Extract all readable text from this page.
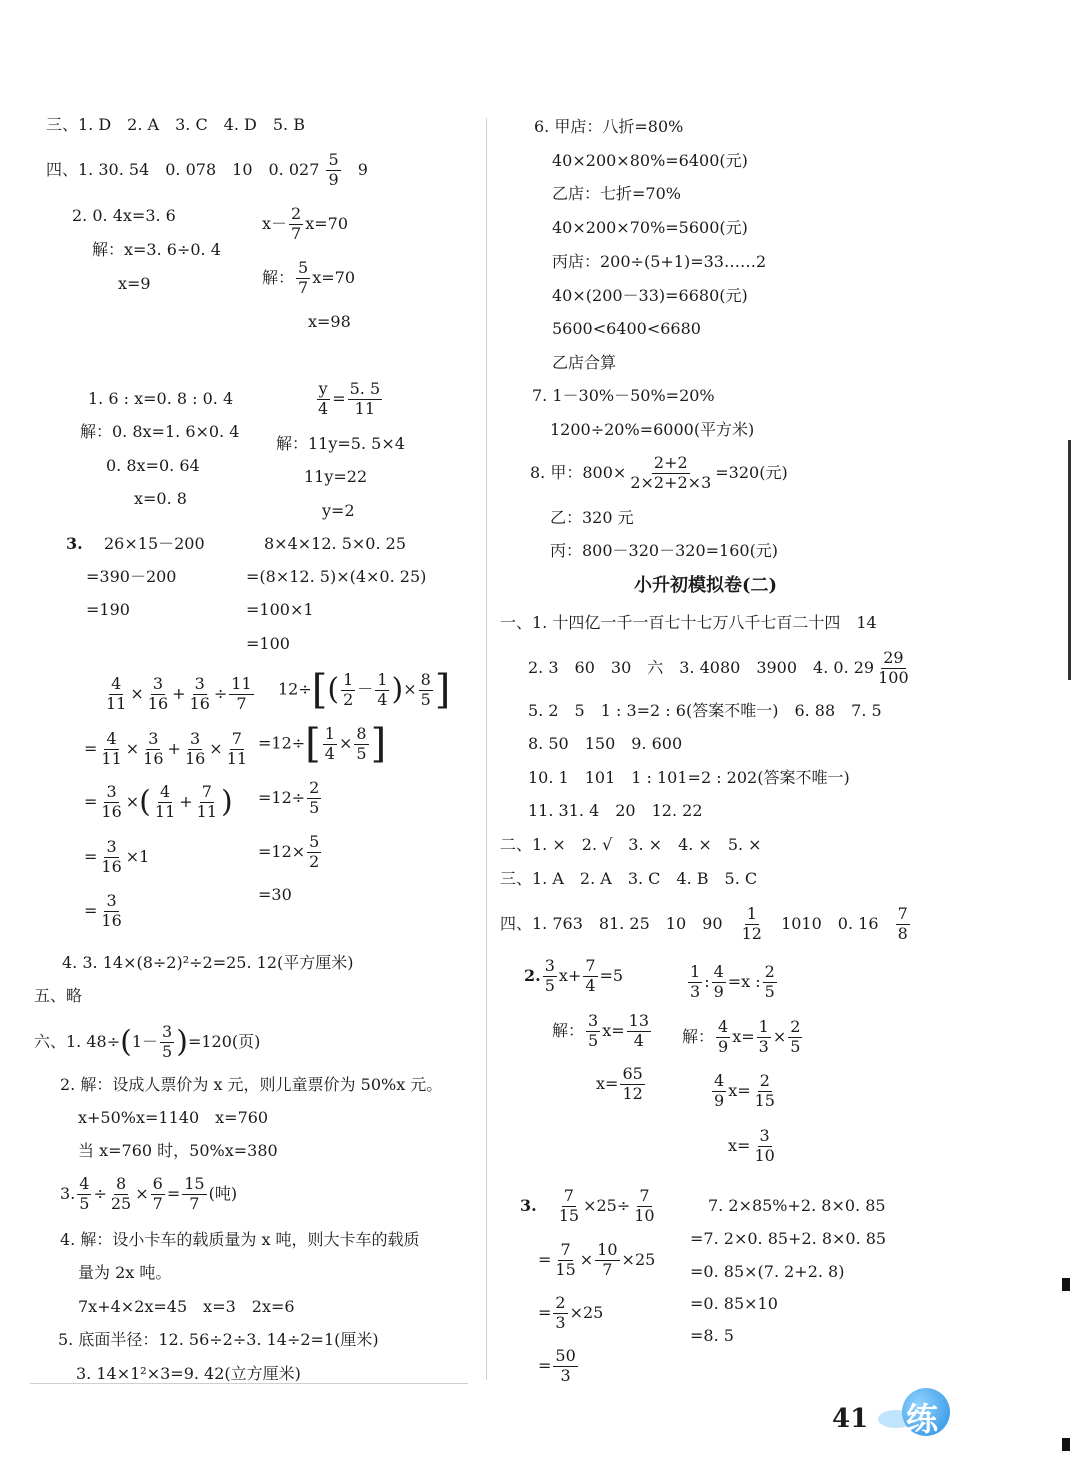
三、1. D　2. A　3. C　4. D　5. B
四、1. 30. 54　0. 078　10　0. $027 \frac{5}{9} 9$
2. 0. 4x=3. 6
解：x=3. 6÷0. 4
x=9
$x- \frac{2}{7} x=70$
解： $\frac{5}{7} x=70$
x=98
1. 6 : x=0. 8 : 0. 4
解：0. 8x=1. 6×0. 4
0. 8x=0. 64
x=0. 8
$\frac{y}{4} = \frac{5. 5}{11}$
解：11y=5. 5×4
11y=22
y=2
3. 26×15－200
=390－200
=190
8×4×12. 5×0. 25
=(8×12. 5)×(4×0. 25)
=100×1
=100
$\frac{4}{11} \times \frac{3}{16} + \frac{3}{16} \div \frac{11}{7}$
= $\frac{4}{11} \times \frac{3}{16} + \frac{3}{16} \times \frac{7}{11}$
= $\frac{3}{16}$ ×( $\frac{4}{11} + \frac{7}{11}$ )
= $\frac{3}{16} \times 1$
= $\frac{3}{16}$
$12\div[( \frac{1}{2} - \frac{1}{4}$ )× $\frac{8}{5}$ ]
$=12\div[ \frac{1}{4} \times \frac{8}{5}$ ]
$=12\div \frac{2}{5}$
$=12\times \frac{5}{2}$
=30
4. 3. 14×(8÷2)²÷2=25. 12(平方厘米)
五、略
六、1. $48\div(1- \frac{3}{5} )=120$(页)
2. 解：设成人票价为 x 元，则儿童票价为 50%x 元。
x+50%x=1140　x=760
当 x=760 时，50%x=380
3. $\frac{4}{5} \div \frac{8}{25} \times \frac{6}{7} = \frac{15}{7}$ (吨)
4. 解：设小卡车的载质量为 x 吨，则大卡车的载质
量为 2x 吨。
7x+4×2x=45　x=3　2x=6
5. 底面半径：12. 56÷2÷3. 14÷2=1(厘米)
3. 14×1²×3=9. 42(立方厘米)
6. 甲店：八折=80%
40×200×80%=6400(元)
乙店：七折=70%
40×200×70%=5600(元)
丙店：200÷(5+1)=33……2
40×(200－33)=6680(元)
5600<6400<6680
乙店合算
7. 1－30%－50%=20%
1200÷20%=6000(平方米)
8. 甲：$800\times \frac{2+2}{2\times 2+2\times 3} =320$(元)
乙：320 元
丙：800－320－320=160(元)
小升初模拟卷(二)
一、1. 十四亿一千一百七十七万八千七百二十四　14
2. 3　60　30　六　3. 4080　3900　4. 0. $29 \frac{29}{100}$
5. 2　5　1 : 3=2 : 6(答案不唯一)　6. 88　7. 5
8. 50　150　9. 600
10. 1　101　1 : 101=2 : 202(答案不唯一)
11. 31. 4　20　12. 22
二、1. ×　2. √　3. ×　4. ×　5. ×
三、1. A　2. A　3. C　4. B　5. C
四、1. 763　81. 25　10　$90 \frac{1}{12} 1010$　0. $16 \frac{7}{8}$
2. $\frac{3}{5} x+ \frac{7}{4} =5$
解： $\frac{3}{5} x= \frac{13}{4}$
$x= \frac{65}{12}$
$\frac{1}{3}$ : $\frac{4}{9} =x$ : $\frac{2}{5}$
解： $\frac{4}{9} x= \frac{1}{3} \times \frac{2}{5}$
$\frac{4}{9} x= \frac{2}{15}$
$x= \frac{3}{10}$
3. $\frac{7}{15} \times 25\div \frac{7}{10}$
= $\frac{7}{15} \times \frac{10}{7} \times 25$
= $\frac{2}{3} \times 25$
= $\frac{50}{3}$
7. 2×85%+2. 8×0. 85
=7. 2×0. 85+2. 8×0. 85
=0. 85×(7. 2+2. 8)
=0. 85×10
=8. 5
41 练
